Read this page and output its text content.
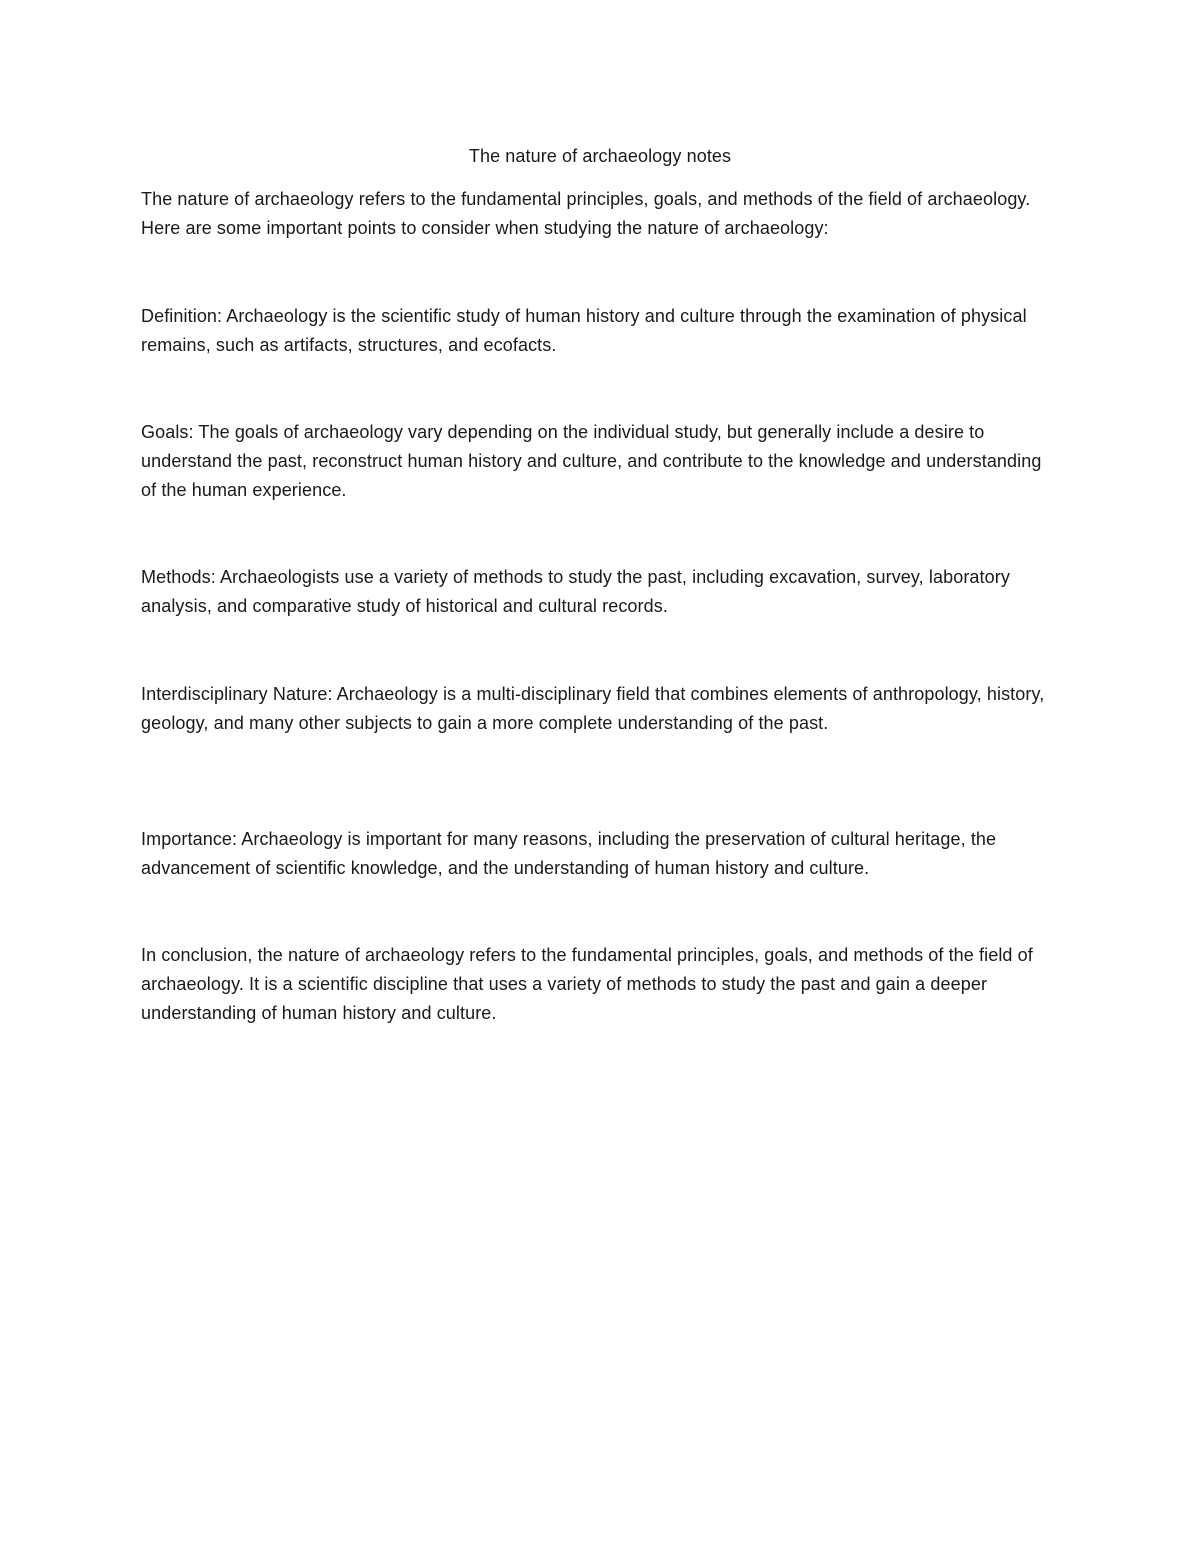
The nature of archaeology notes

The nature of archaeology refers to the fundamental principles, goals, and methods of the field of archaeology. Here are some important points to consider when studying the nature of archaeology:

Definition: Archaeology is the scientific study of human history and culture through the examination of physical remains, such as artifacts, structures, and ecofacts.

Goals: The goals of archaeology vary depending on the individual study, but generally include a desire to understand the past, reconstruct human history and culture, and contribute to the knowledge and understanding of the human experience.

Methods: Archaeologists use a variety of methods to study the past, including excavation, survey, laboratory analysis, and comparative study of historical and cultural records.

Interdisciplinary Nature: Archaeology is a multi-disciplinary field that combines elements of anthropology, history, geology, and many other subjects to gain a more complete understanding of the past.

Importance: Archaeology is important for many reasons, including the preservation of cultural heritage, the advancement of scientific knowledge, and the understanding of human history and culture.

In conclusion, the nature of archaeology refers to the fundamental principles, goals, and methods of the field of archaeology. It is a scientific discipline that uses a variety of methods to study the past and gain a deeper understanding of human history and culture.
